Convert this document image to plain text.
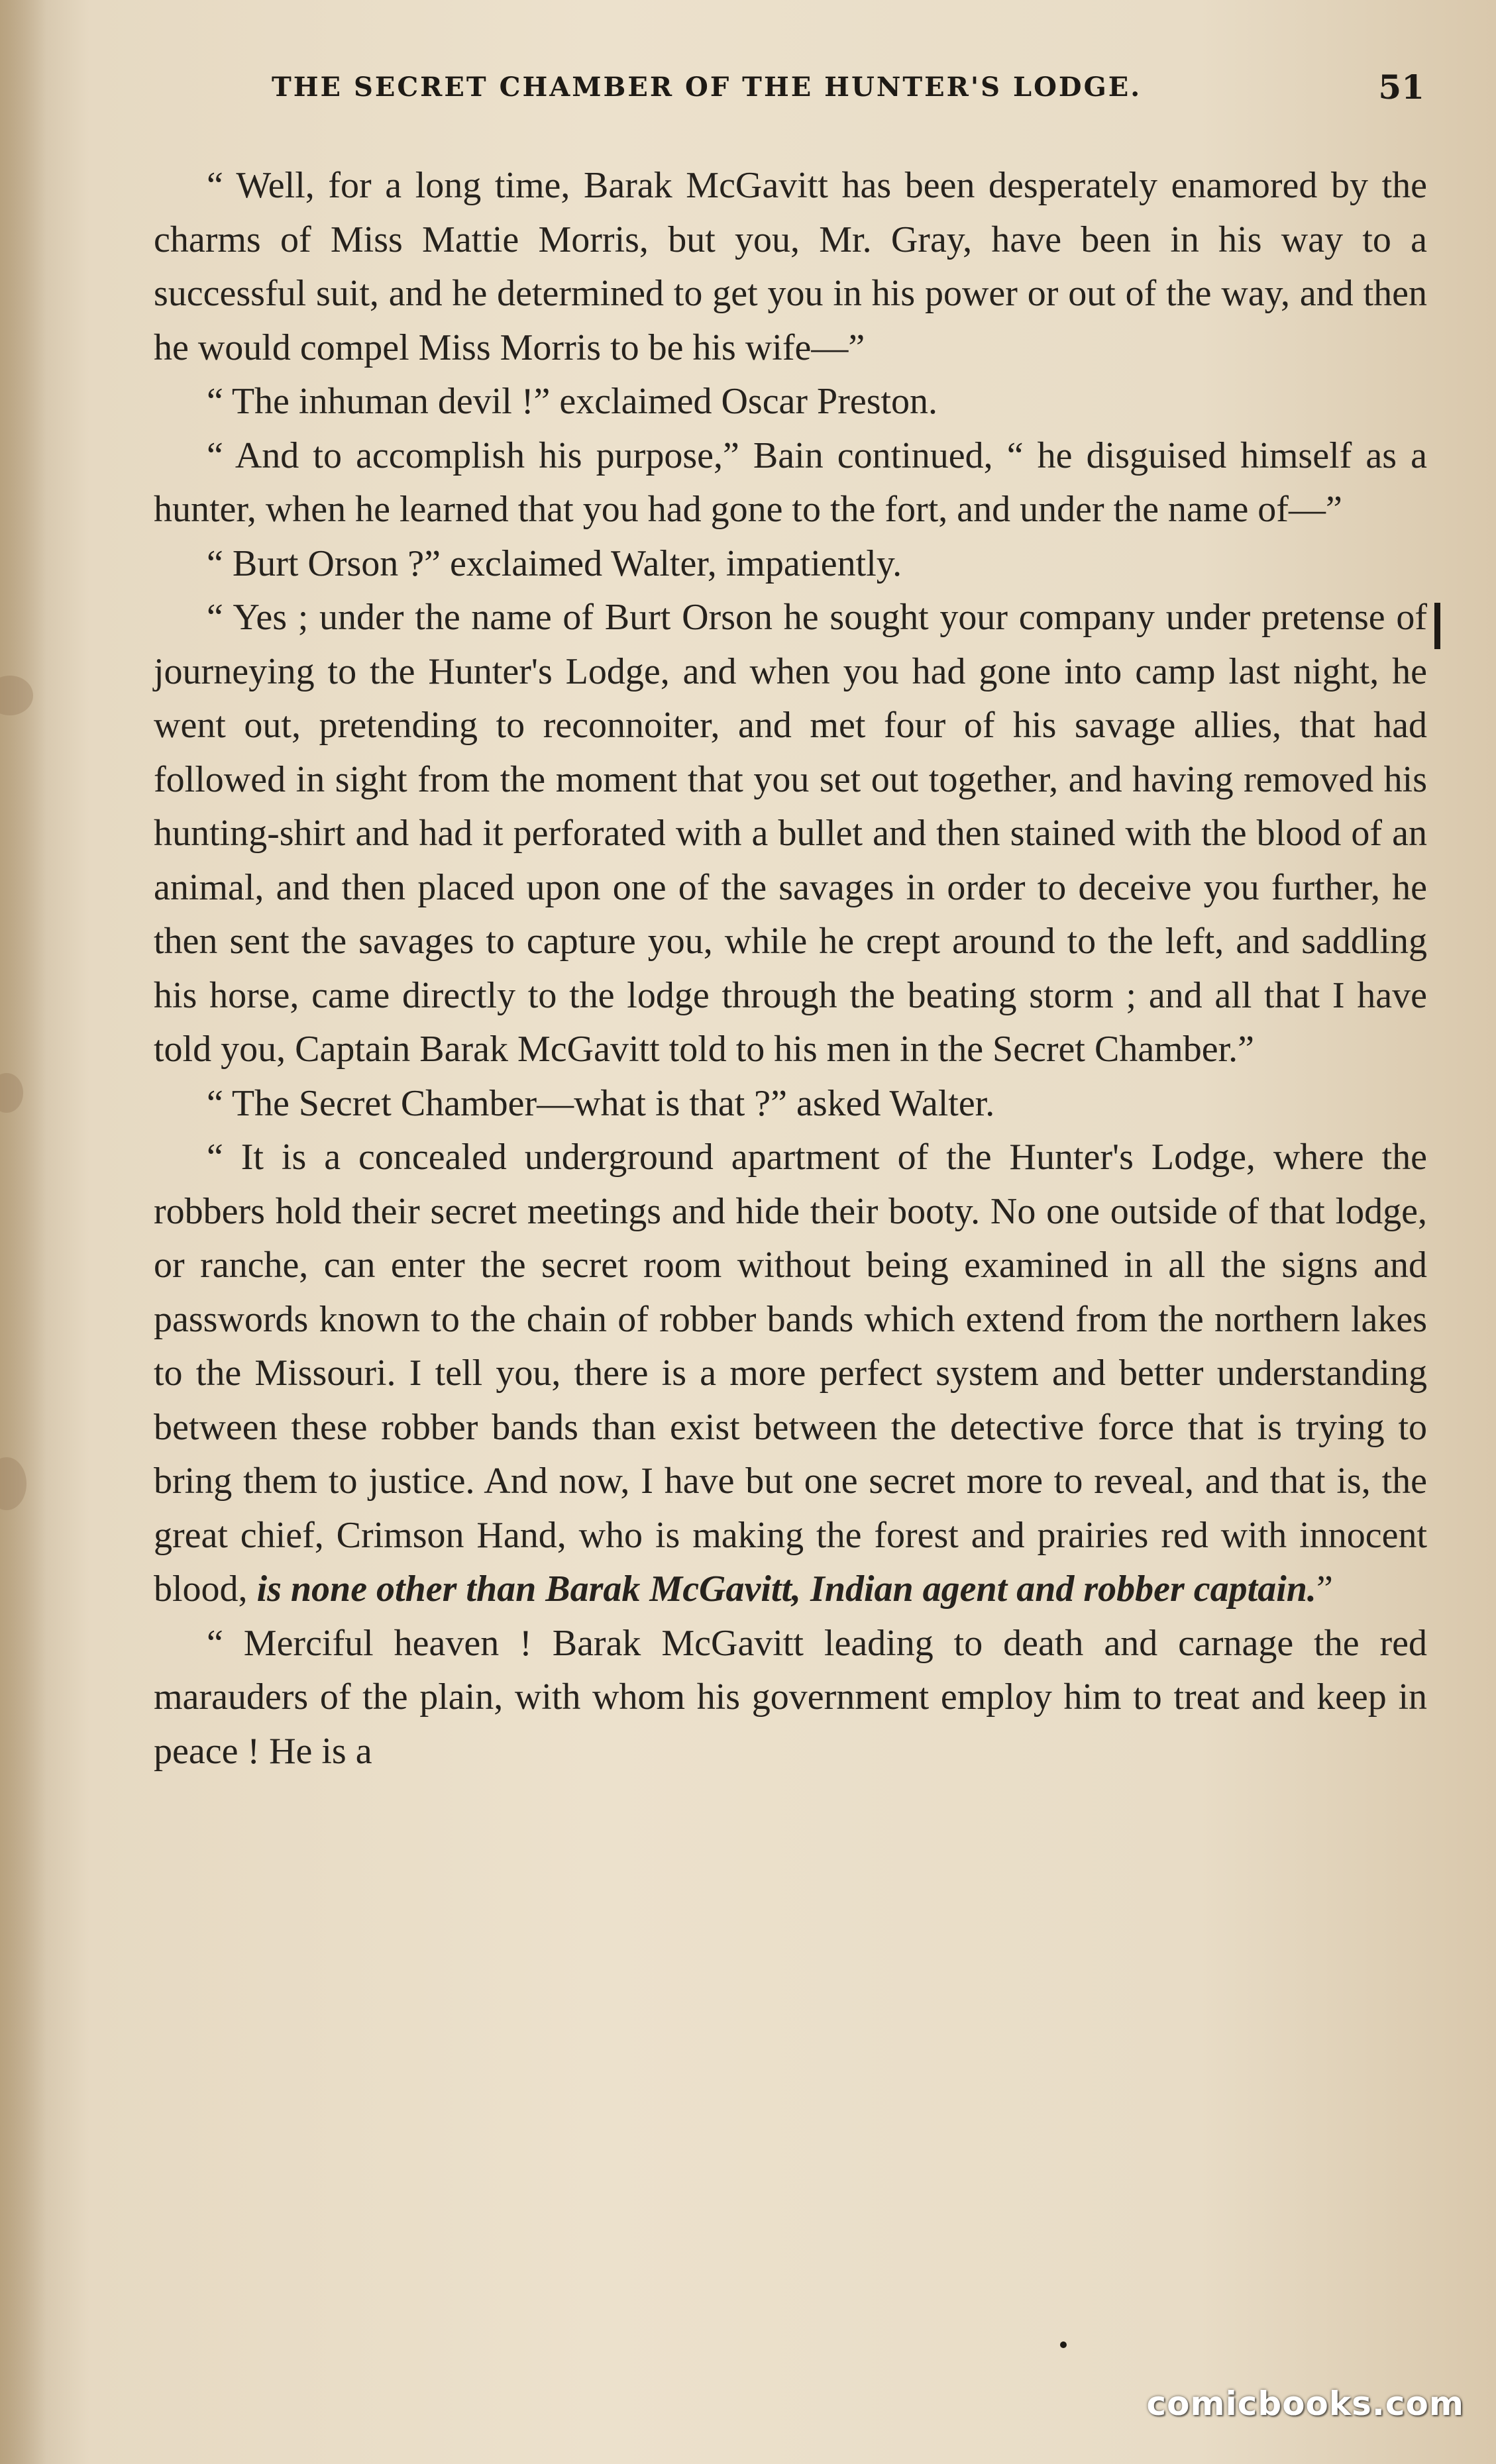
THE SECRET CHAMBER OF THE HUNTER'S LODGE.	51

“ Well, for a long time, Barak McGavitt has been desperately enamored by the charms of Miss Mattie Morris, but you, Mr. Gray, have been in his way to a successful suit, and he determined to get you in his power or out of the way, and then he would compel Miss Morris to be his wife—”

“ The inhuman devil !” exclaimed Oscar Preston.

“ And to accomplish his purpose,” Bain continued, “ he disguised himself as a hunter, when he learned that you had gone to the fort, and under the name of—”

“ Burt Orson ?” exclaimed Walter, impatiently.

“ Yes ; under the name of Burt Orson he sought your company under pretense of journeying to the Hunter's Lodge, and when you had gone into camp last night, he went out, pretending to reconnoiter, and met four of his savage allies, that had followed in sight from the moment that you set out together, and having removed his hunting-shirt and had it perforated with a bullet and then stained with the blood of an animal, and then placed upon one of the savages in order to deceive you further, he then sent the savages to capture you, while he crept around to the left, and saddling his horse, came directly to the lodge through the beating storm ; and all that I have told you, Captain Barak McGavitt told to his men in the Secret Chamber.”

“ The Secret Chamber—what is that ?” asked Walter.

“ It is a concealed underground apartment of the Hunter's Lodge, where the robbers hold their secret meetings and hide their booty. No one outside of that lodge, or ranche, can enter the secret room without being examined in all the signs and passwords known to the chain of robber bands which extend from the northern lakes to the Missouri. I tell you, there is a more perfect system and better understanding between these robber bands than exist between the detective force that is trying to bring them to justice. And now, I have but one secret more to reveal, and that is, the great chief, Crimson Hand, who is making the forest and prairies red with innocent blood, is none other than Barak McGavitt, Indian agent and robber captain.”

“ Merciful heaven ! Barak McGavitt leading to death and carnage the red marauders of the plain, with whom his government employ him to treat and keep in peace ! He is a

comicbooks.com
